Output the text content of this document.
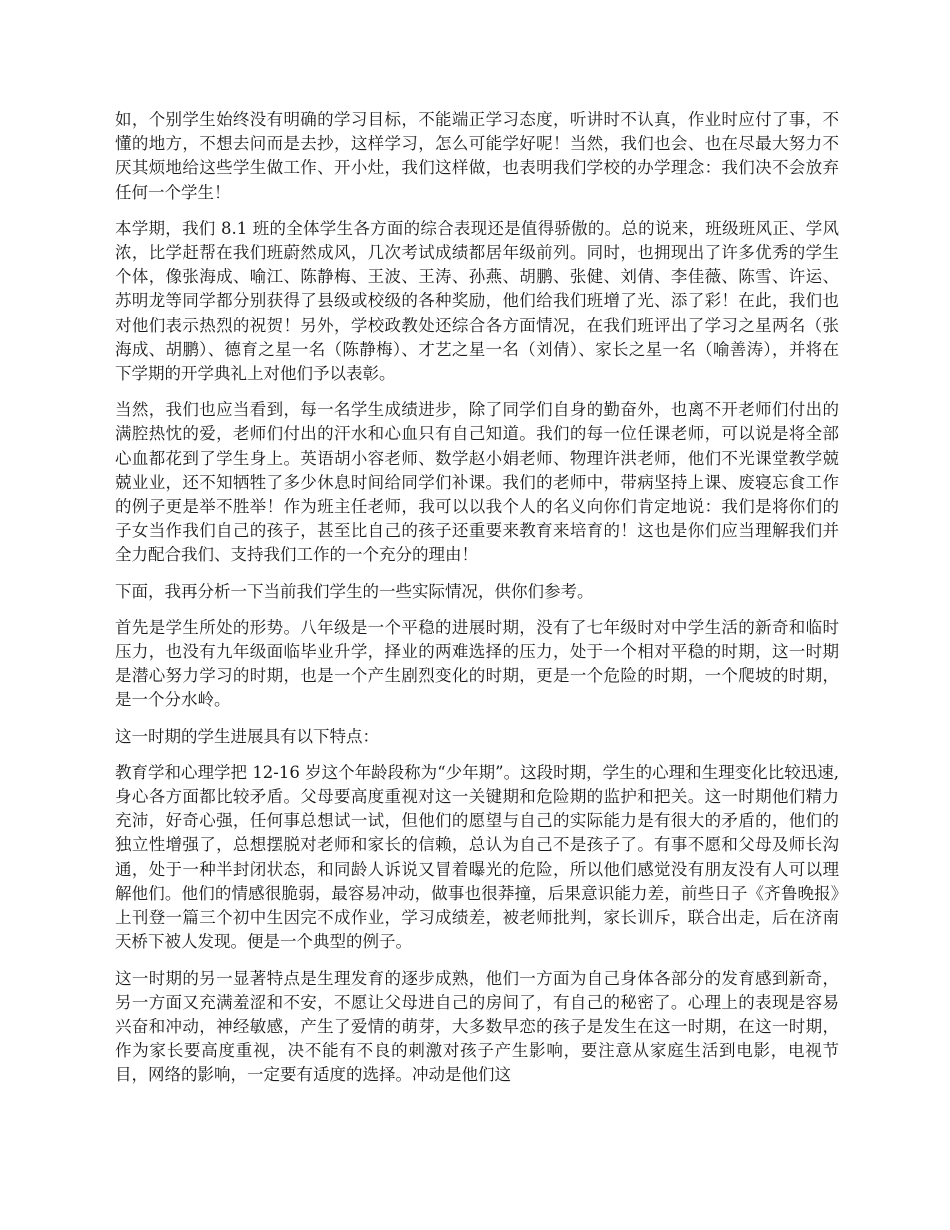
如，个别学生始终没有明确的学习目标，不能端正学习态度，听讲时不认真，作业时应付了事，不懂的地方，不想去问而是去抄，这样学习，怎么可能学好呢！当然，我们也会、也在尽最大努力不厌其烦地给这些学生做工作、开小灶，我们这样做，也表明我们学校的办学理念：我们决不会放弃任何一个学生！

本学期，我们 8.1 班的全体学生各方面的综合表现还是值得骄傲的。总的说来，班级班风正、学风浓，比学赶帮在我们班蔚然成风，几次考试成绩都居年级前列。同时，也拥现出了许多优秀的学生个体，像张海成、喻江、陈静梅、王波、王涛、孙燕、胡鹏、张健、刘倩、李佳薇、陈雪、许运、苏明龙等同学都分别获得了县级或校级的各种奖励，他们给我们班增了光、添了彩！在此，我们也对他们表示热烈的祝贺！另外，学校政教处还综合各方面情况，在我们班评出了学习之星两名（张海成、胡鹏）、德育之星一名（陈静梅）、才艺之星一名（刘倩）、家长之星一名（喻善涛），并将在下学期的开学典礼上对他们予以表彰。

当然，我们也应当看到，每一名学生成绩进步，除了同学们自身的勤奋外，也离不开老师们付出的满腔热忱的爱，老师们付出的汗水和心血只有自己知道。我们的每一位任课老师，可以说是将全部心血都花到了学生身上。英语胡小容老师、数学赵小娟老师、物理许洪老师，他们不光课堂教学兢兢业业，还不知牺牲了多少休息时间给同学们补课。我们的老师中，带病坚持上课、废寝忘食工作的例子更是举不胜举！作为班主任老师，我可以以我个人的名义向你们肯定地说：我们是将你们的子女当作我们自己的孩子，甚至比自己的孩子还重要来教育来培育的！这也是你们应当理解我们并全力配合我们、支持我们工作的一个充分的理由！

下面，我再分析一下当前我们学生的一些实际情况，供你们参考。

首先是学生所处的形势。八年级是一个平稳的进展时期，没有了七年级时对中学生活的新奇和临时压力，也没有九年级面临毕业升学，择业的两难选择的压力，处于一个相对平稳的时期，这一时期是潜心努力学习的时期，也是一个产生剧烈变化的时期，更是一个危险的时期，一个爬坡的时期，是一个分水岭。

这一时期的学生进展具有以下特点：

教育学和心理学把 12-16 岁这个年龄段称为“少年期”。这段时期，学生的心理和生理变化比较迅速,身心各方面都比较矛盾。父母要高度重视对这一关键期和危险期的监护和把关。这一时期他们精力充沛，好奇心强，任何事总想试一试，但他们的愿望与自己的实际能力是有很大的矛盾的，他们的独立性增强了，总想摆脱对老师和家长的信赖，总认为自己不是孩子了。有事不愿和父母及师长沟通，处于一种半封闭状态，和同龄人诉说又冒着曝光的危险，所以他们感觉没有朋友没有人可以理解他们。他们的情感很脆弱，最容易冲动，做事也很莽撞，后果意识能力差，前些日子《齐鲁晚报》上刊登一篇三个初中生因完不成作业，学习成绩差，被老师批判，家长训斥，联合出走，后在济南天桥下被人发现。便是一个典型的例子。

这一时期的另一显著特点是生理发育的逐步成熟，他们一方面为自己身体各部分的发育感到新奇，另一方面又充满羞涩和不安，不愿让父母进自己的房间了，有自己的秘密了。心理上的表现是容易兴奋和冲动，神经敏感，产生了爱情的萌芽，大多数早恋的孩子是发生在这一时期，在这一时期，作为家长要高度重视，决不能有不良的刺激对孩子产生影响，要注意从家庭生活到电影，电视节目，网络的影响，一定要有适度的选择。冲动是他们这
